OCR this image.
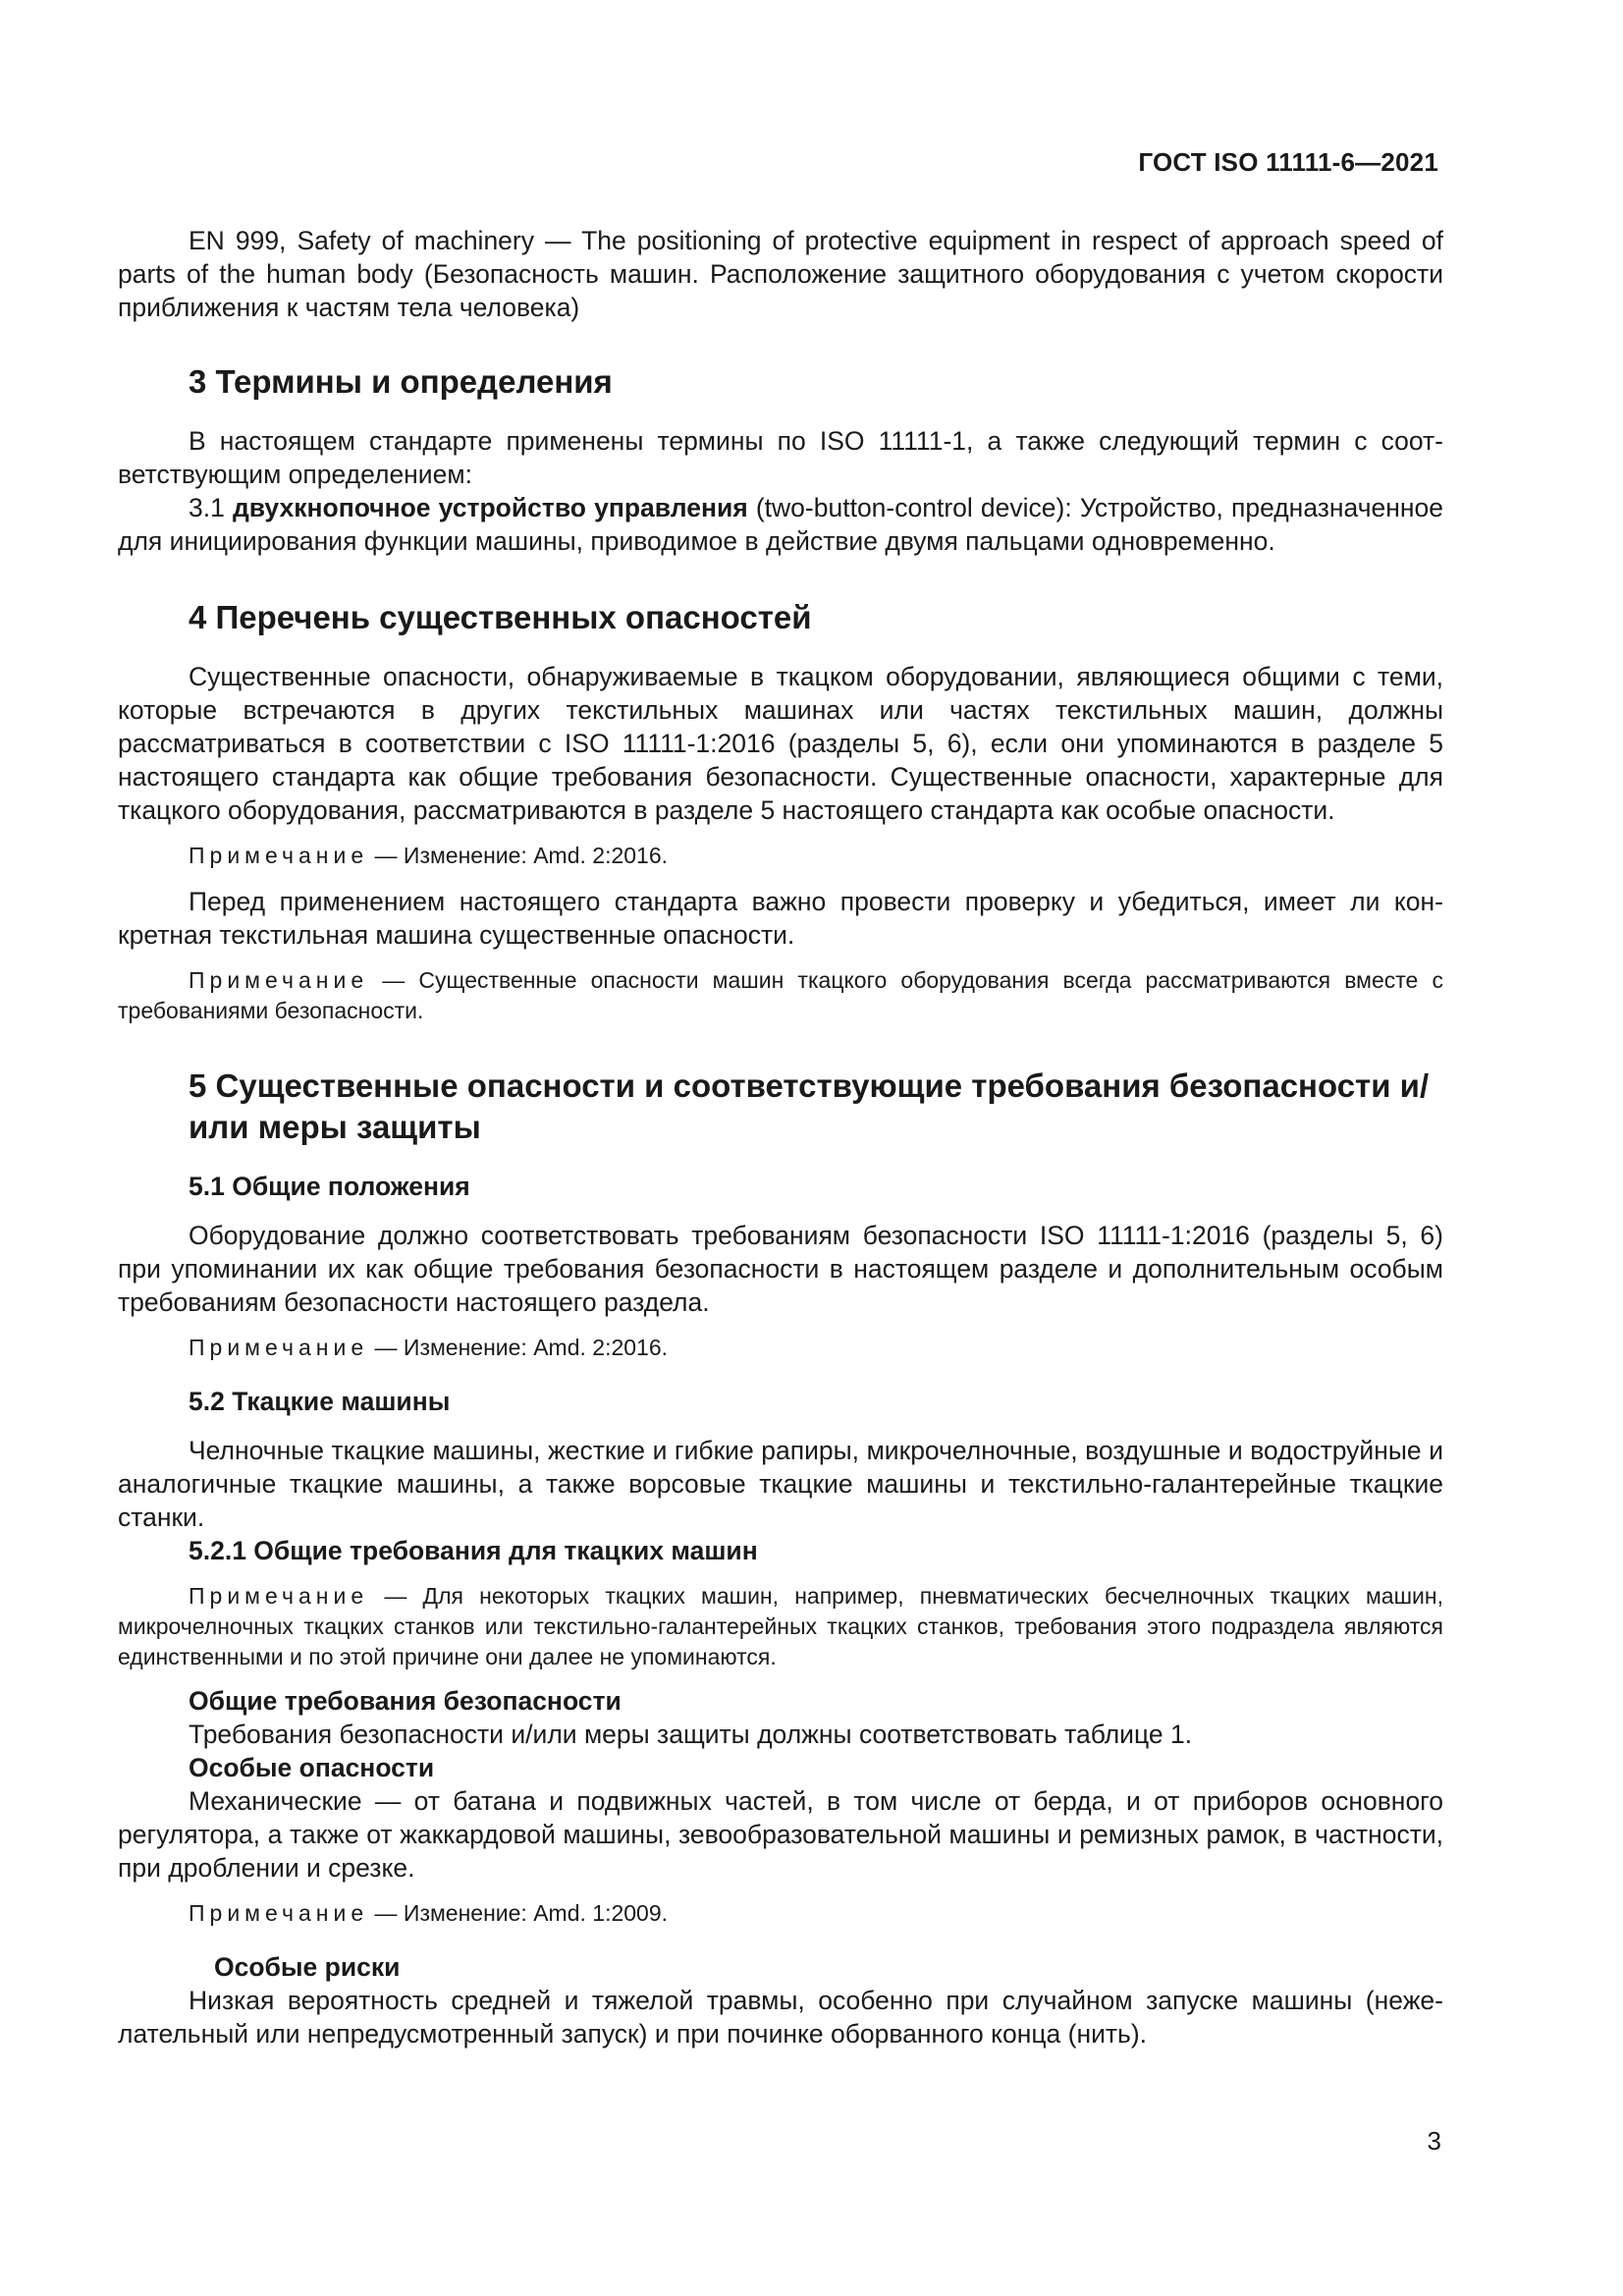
ГОСТ ISO 11111-6—2021

EN 999, Safety of machinery — The positioning of protective equipment in respect of approach speed of parts of the human body (Безопасность машин. Расположение защитного оборудования с учетом скорости приближения к частям тела человека)

3 Термины и определения

В настоящем стандарте применены термины по ISO 11111-1, а также следующий термин с соответствующим определением:

3.1 двухкнопочное устройство управления (two-button-control device): Устройство, предназначенное для инициирования функции машины, приводимое в действие двумя пальцами одновременно.

4 Перечень существенных опасностей

Существенные опасности, обнаруживаемые в ткацком оборудовании, являющиеся общими с теми, которые встречаются в других текстильных машинах или частях текстильных машин, должны рассматриваться в соответствии с ISO 11111-1:2016 (разделы 5, 6), если они упоминаются в разделе 5 настоящего стандарта как общие требования безопасности. Существенные опасности, характерные для ткацкого оборудования, рассматриваются в разделе 5 настоящего стандарта как особые опасности.

Примечание — Изменение: Amd. 2:2016.

Перед применением настоящего стандарта важно провести проверку и убедиться, имеет ли конкретная текстильная машина существенные опасности.

Примечание — Существенные опасности машин ткацкого оборудования всегда рассматриваются вместе с требованиями безопасности.

5 Существенные опасности и соответствующие требования безопасности и/или меры защиты
5.1 Общие положения

Оборудование должно соответствовать требованиям безопасности ISO 11111-1:2016 (разделы 5, 6) при упоминании их как общие требования безопасности в настоящем разделе и дополнительным особым требованиям безопасности настоящего раздела.

Примечание — Изменение: Amd. 2:2016.

5.2 Ткацкие машины

Челночные ткацкие машины, жесткие и гибкие рапиры, микрочелночные, воздушные и водоструйные и аналогичные ткацкие машины, а также ворсовые ткацкие машины и текстильно-галантерейные ткацкие станки.

5.2.1 Общие требования для ткацких машин

Примечание — Для некоторых ткацких машин, например, пневматических бесчелночных ткацких машин, микрочелночных ткацких станков или текстильно-галантерейных ткацких станков, требования этого подраздела являются единственными и по этой причине они далее не упоминаются.

Общие требования безопасности

Требования безопасности и/или меры защиты должны соответствовать таблице 1.

Особые опасности

Механические — от батана и подвижных частей, в том числе от берда, и от приборов основного регулятора, а также от жаккардовой машины, зевообразовательной машины и ремизных рамок, в частности, при дроблении и срезке.

Примечание — Изменение: Amd. 1:2009.

Особые риски

Низкая вероятность средней и тяжелой травмы, особенно при случайном запуске машины (нежелательный или непредусмотренный запуск) и при починке оборванного конца (нить).

3
